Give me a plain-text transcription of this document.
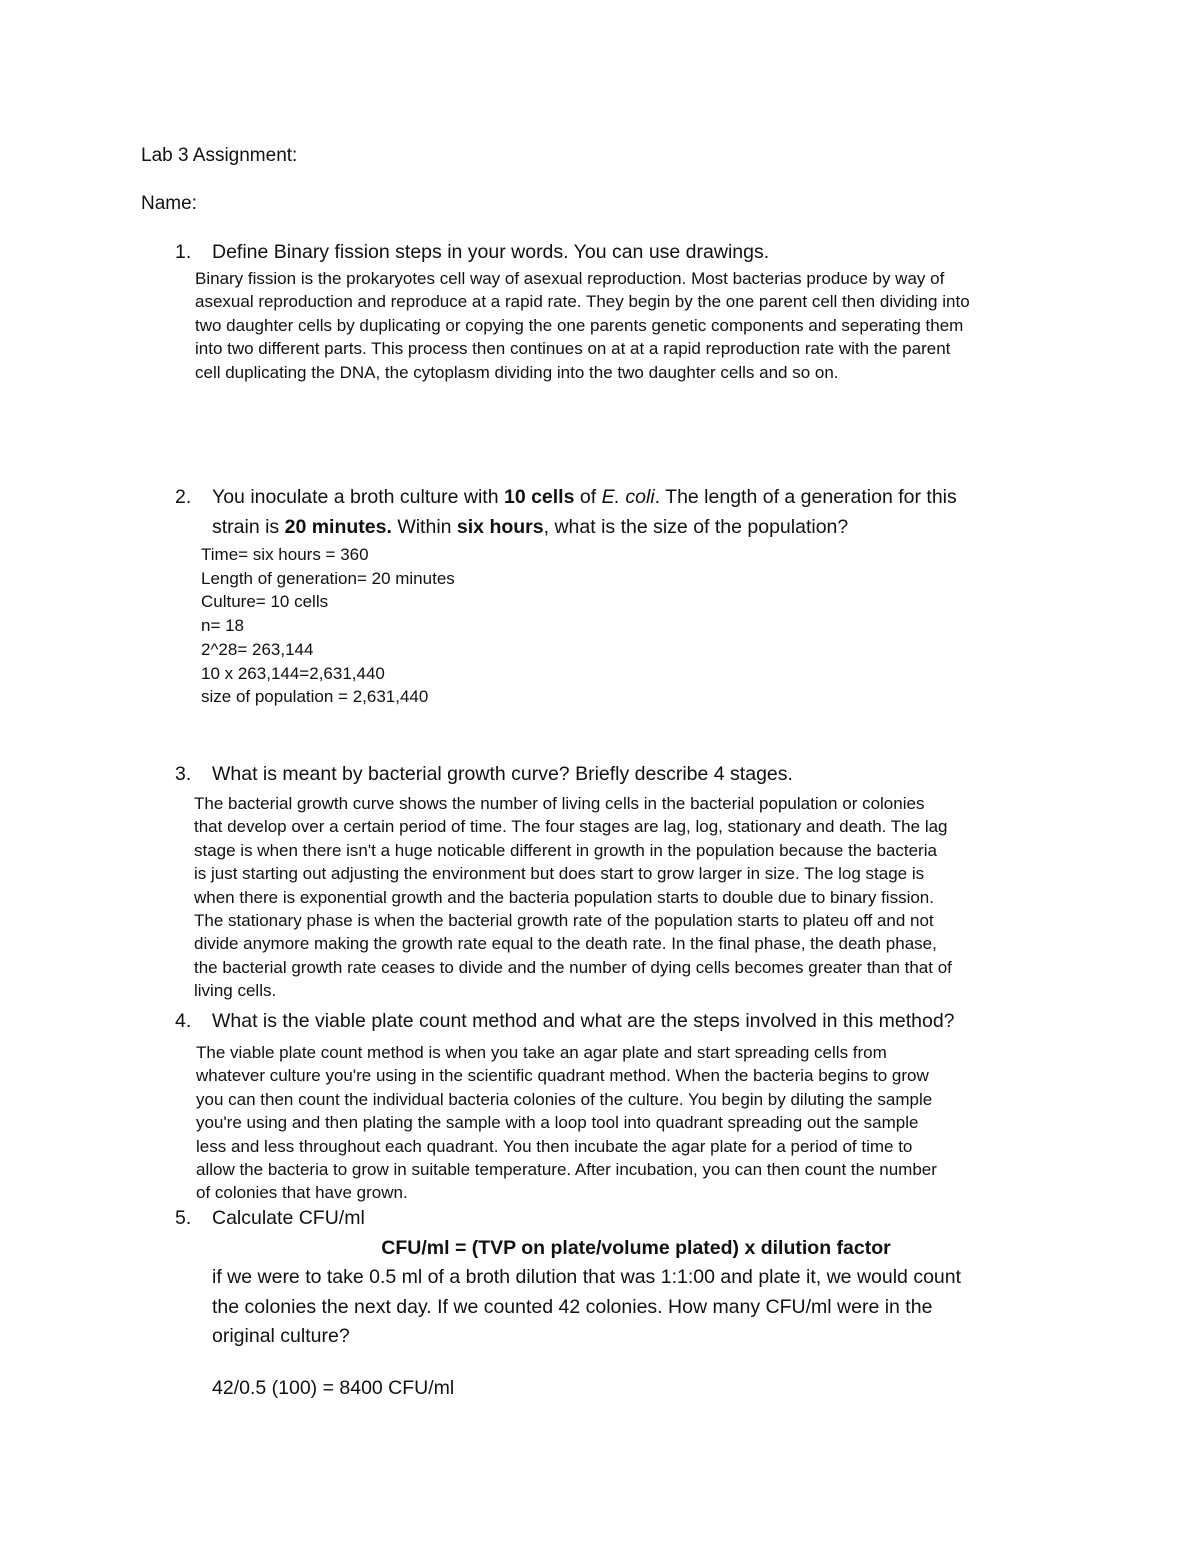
Lab 3 Assignment:
Name:
1. Define Binary fission steps in your words. You can use drawings.
Binary fission is the prokaryotes cell way of asexual reproduction. Most bacterias produce by way of
asexual reproduction and reproduce at a rapid rate. They begin by the one parent cell then dividing into
two daughter cells by duplicating or copying the one parents genetic components and seperating them
into two different parts. This process then continues on at at a rapid reproduction rate with the parent
cell duplicating the DNA, the cytoplasm dividing into the two daughter cells and so on.
2. You inoculate a broth culture with 10 cells of E. coli. The length of a generation for this
strain is 20 minutes. Within six hours, what is the size of the population?
Time= six hours = 360
Length of generation= 20 minutes
Culture= 10 cells
n= 18
2^28= 263,144
10 x 263,144=2,631,440
size of population = 2,631,440
3. What is meant by bacterial growth curve? Briefly describe 4 stages.
The bacterial growth curve shows the number of living cells in the bacterial population or colonies
that develop over a certain period of time. The four stages are lag, log, stationary and death. The lag
stage is when there isn't a huge noticable different in growth in the population because the bacteria
is just starting out adjusting the environment but does start to grow larger in size. The log stage is
when there is exponential growth and the bacteria population starts to double due to binary fission.
The stationary phase is when the bacterial growth rate of the population starts to plateu off and not
divide anymore making the growth rate equal to the death rate. In the final phase, the death phase,
the bacterial growth rate ceases to divide and the number of dying cells becomes greater than that of
living cells.
4. What is the viable plate count method and what are the steps involved in this method?
The viable plate count method is when you take an agar plate and start spreading cells from
whatever culture you're using in the scientific quadrant method. When the bacteria begins to grow
you can then count the individual bacteria colonies of the culture. You begin by diluting the sample
you're using and then plating the sample with a loop tool into quadrant spreading out the sample
less and less throughout each quadrant. You then incubate the agar plate for a period of time to
allow the bacteria to grow in suitable temperature. After incubation, you can then count the number
of colonies that have grown.
5. Calculate CFU/ml
CFU/ml = (TVP on plate/volume plated) x dilution factor
if we were to take 0.5 ml of a broth dilution that was 1:1:00 and plate it, we would count
the colonies the next day. If we counted 42 colonies. How many CFU/ml were in the
original culture?
42/0.5 (100) = 8400 CFU/ml
